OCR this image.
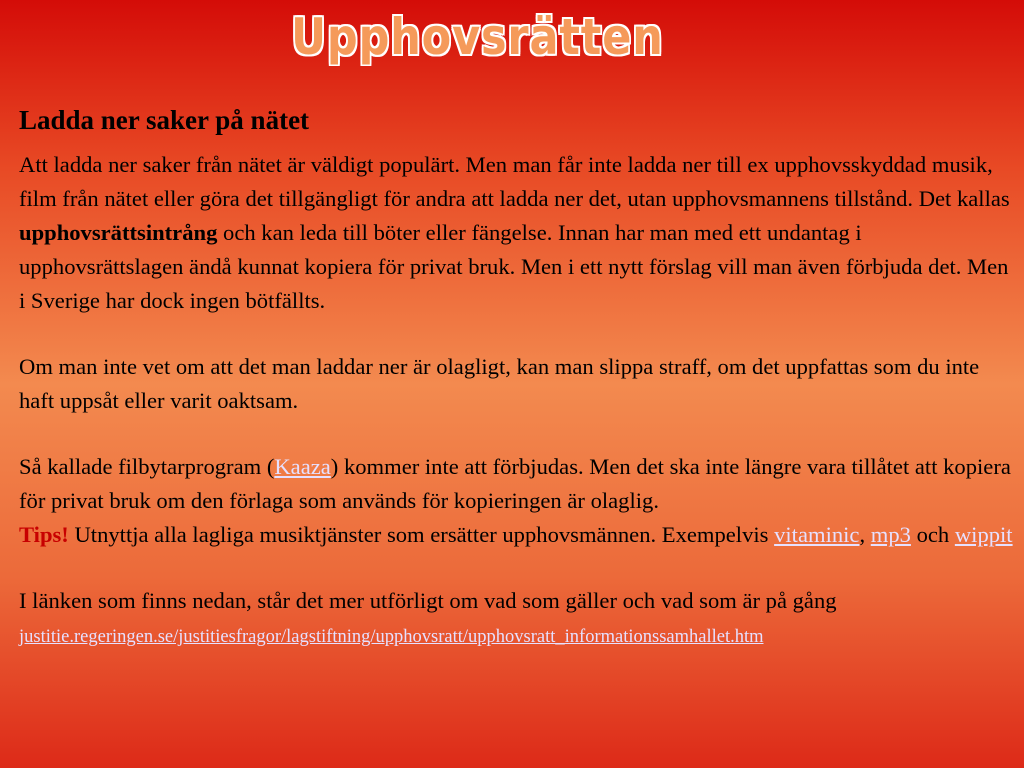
Upphovsrätten
Ladda ner saker på nätet

Att ladda ner saker från nätet är väldigt populärt. Men man får inte ladda ner till ex upphovsskyddad musik, film från nätet eller göra det tillgängligt för andra att ladda ner det, utan upphovsmannens tillstånd. Det kallas upphovsrättsintrång och kan leda till böter eller fängelse. Innan har man med ett undantag i upphovsrättslagen ändå kunnat kopiera för privat bruk. Men i ett nytt förslag vill man även förbjuda det. Men i Sverige har dock ingen bötfällts.

Om man inte vet om att det man laddar ner är olagligt, kan man slippa straff, om det uppfattas som du inte haft uppsåt eller varit oaktsam.

Så kallade filbytarprogram (Kaaza) kommer inte att förbjudas. Men det ska inte längre vara tillåtet att kopiera för privat bruk om den förlaga som används för kopieringen är olaglig.
Tips! Utnyttja alla lagliga musiktjänster som ersätter upphovsmännen. Exempelvis vitaminic, mp3 och wippit

I länken som finns nedan, står det mer utförligt om vad som gäller och vad som är på gång justitie.regeringen.se/justitiesfragor/lagstiftning/upphovsratt/upphovsratt_informationssamhallet.htm
